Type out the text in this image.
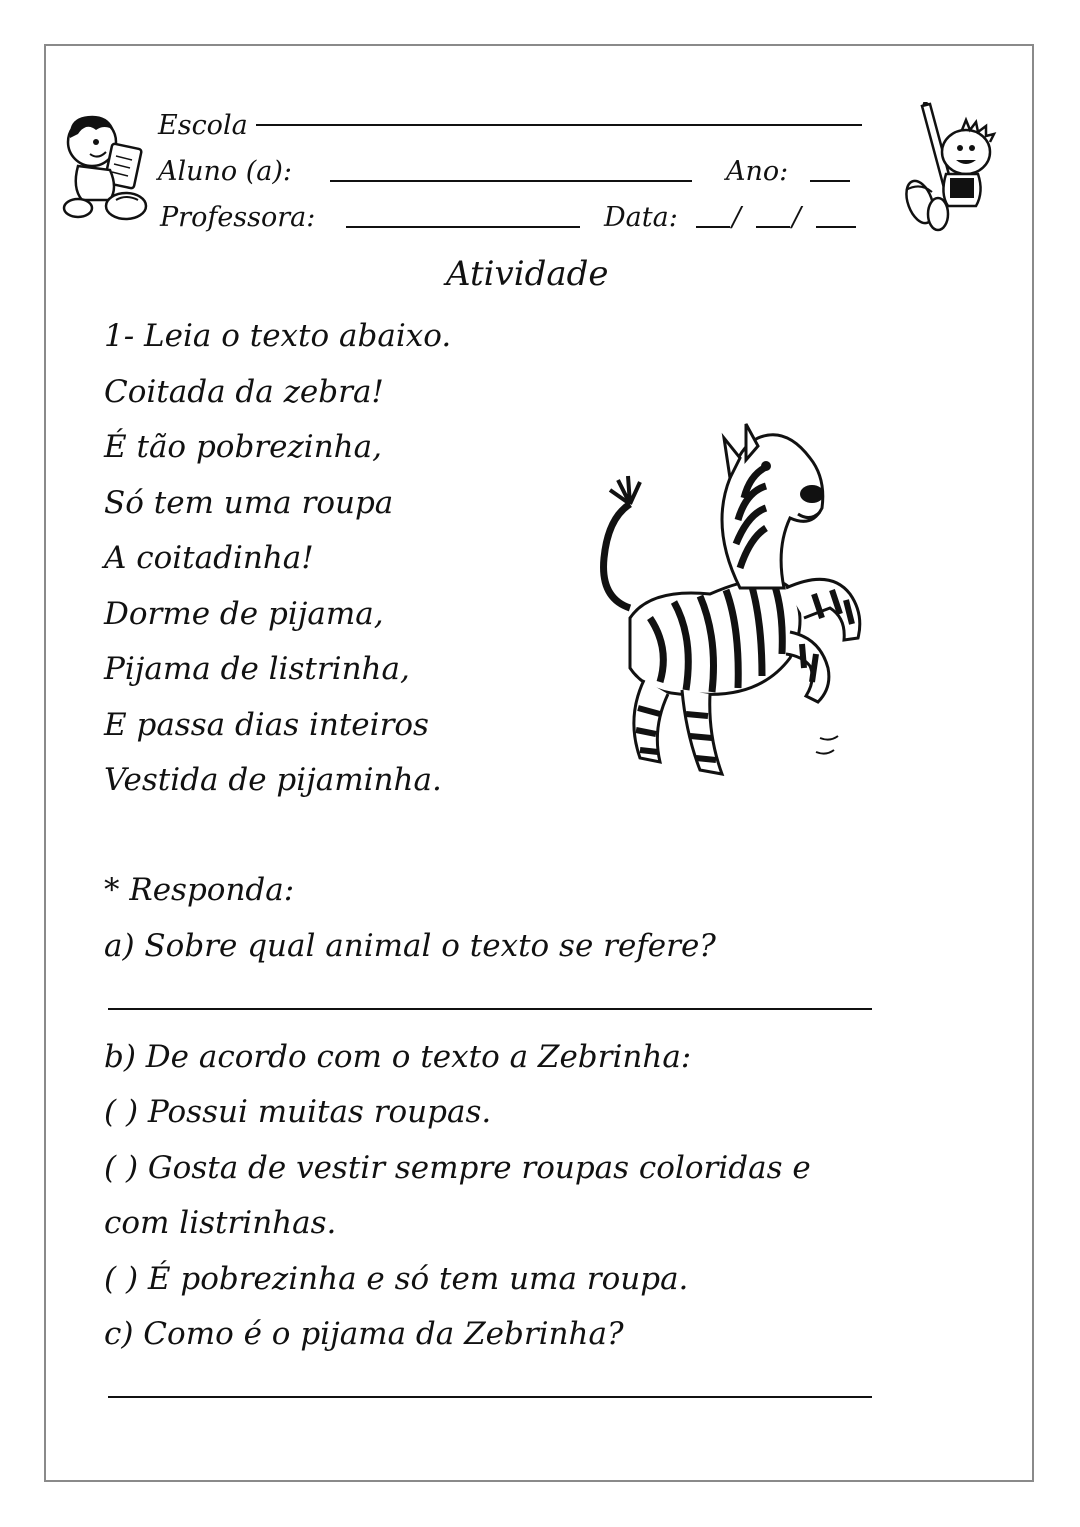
Escola
Aluno (a):	Ano:
Professora:	Data: / /
Atividade
1- Leia o texto abaixo.
Coitada da zebra!
É tão pobrezinha,
Só tem uma roupa
A coitadinha!
Dorme de pijama,
Pijama de listrinha,
E passa dias inteiros
Vestida de pijaminha.
* Responda:
a) Sobre qual animal o texto se refere?
b) De acordo com o texto a Zebrinha:
( ) Possui muitas roupas.
( ) Gosta de vestir sempre roupas coloridas e
com listrinhas.
( ) É pobrezinha e só tem uma roupa.
c) Como é o pijama da Zebrinha?
